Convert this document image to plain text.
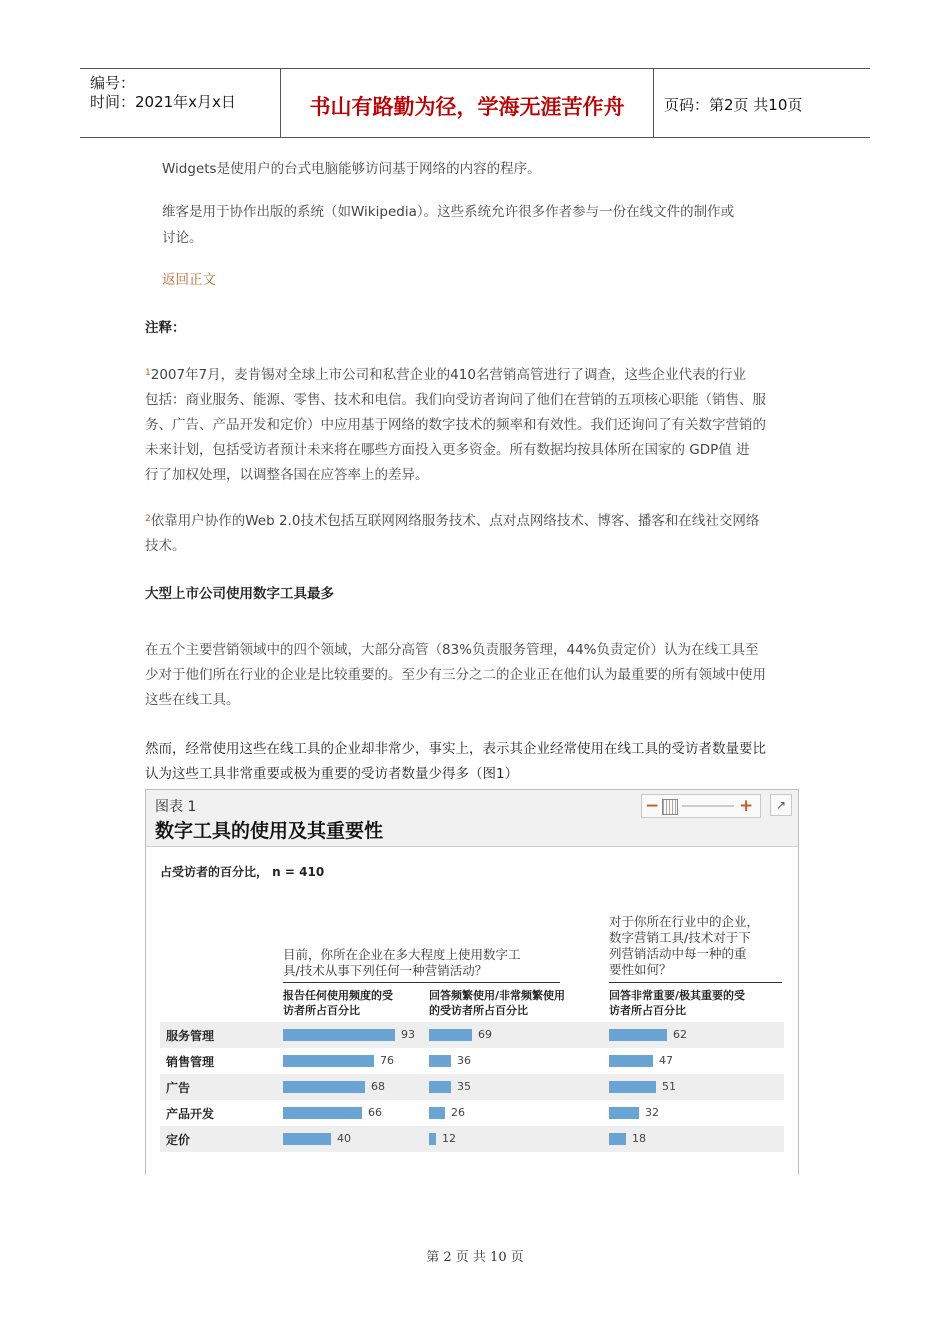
编号：
时间：2021年x月x日	书山有路勤为径，学海无涯苦作舟	页码：第2页 共10页
Widgets是使用户的台式电脑能够访问基于网络的内容的程序。
维客是用于协作出版的系统（如Wikipedia）。这些系统允许很多作者参与一份在线文件的制作或
讨论。
返回正文
注释：
$^1$2007年7月，麦肯锡对全球上市公司和私营企业的410名营销高管进行了调查，这些企业代表的行业
包括：商业服务、能源、零售、技术和电信。我们向受访者询问了他们在营销的五项核心职能（销售、服
务、广告、产品开发和定价）中应用基于网络的数字技术的频率和有效性。我们还询问了有关数字营销的
未来计划，包括受访者预计未来将在哪些方面投入更多资金。所有数据均按具体所在国家的 GDP值 进
行了加权处理，以调整各国在应答率上的差异。
$^2$依靠用户协作的Web 2.0技术包括互联网网络服务技术、点对点网络技术、博客、播客和在线社交网络
技术。
大型上市公司使用数字工具最多
在五个主要营销领域中的四个领域，大部分高管（83%负责服务管理，44%负责定价）认为在线工具至
少对于他们所在行业的企业是比较重要的。至少有三分之二的企业正在他们认为最重要的所有领域中使用
这些在线工具。
然而，经常使用这些在线工具的企业却非常少，事实上，表示其企业经常使用在线工具的受访者数量要比
认为这些工具非常重要或极为重要的受访者数量少得多（图1）
图表 1
数字工具的使用及其重要性
−	+	↗
占受访者的百分比， n = 410
目前，你所在企业在多大程度上使用数字工
具/技术从事下列任何一种营销活动？
对于你所在行业中的企业，
数字营销工具/技术对于下
列营销活动中每一种的重
要性如何？
报告任何使用频度的受
访者所占百分比
回答频繁使用/非常频繁使用
的受访者所占百分比
回答非常重要/极其重要的受
访者所占百分比
服务管理	93	69	62
销售管理	76	36	47
广告	68	35	51
产品开发	66	26	32
定价	40	12	18
第 2 页 共 10 页
